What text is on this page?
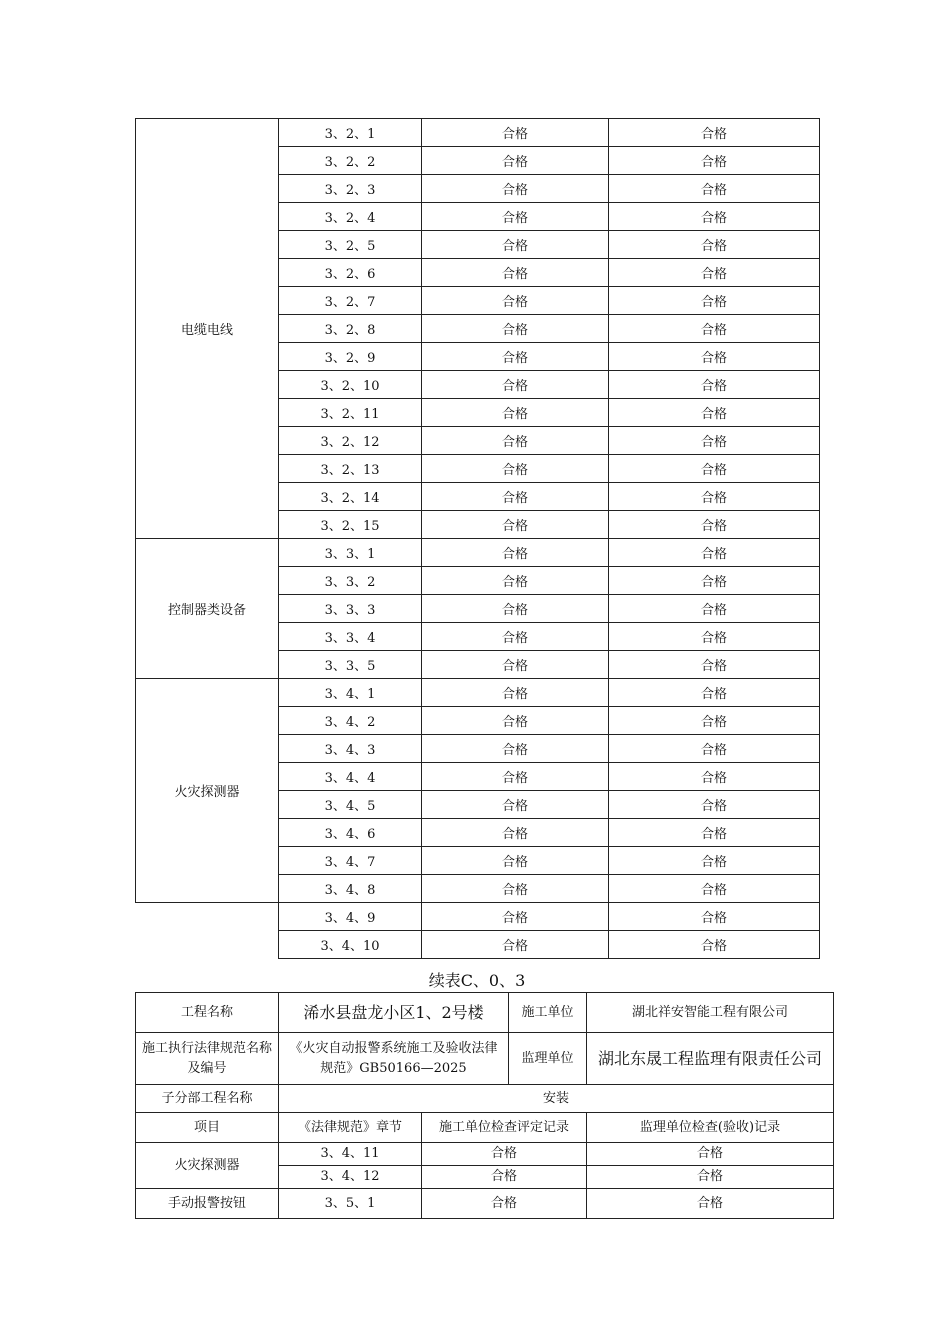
电缆电线	3、2、1	合格	合格
	3、2、2	合格	合格
	3、2、3	合格	合格
	3、2、4	合格	合格
	3、2、5	合格	合格
	3、2、6	合格	合格
	3、2、7	合格	合格
	3、2、8	合格	合格
	3、2、9	合格	合格
	3、2、10	合格	合格
	3、2、11	合格	合格
	3、2、12	合格	合格
	3、2、13	合格	合格
	3、2、14	合格	合格
	3、2、15	合格	合格
控制器类设备	3、3、1	合格	合格
	3、3、2	合格	合格
	3、3、3	合格	合格
	3、3、4	合格	合格
	3、3、5	合格	合格
火灾探测器	3、4、1	合格	合格
	3、4、2	合格	合格
	3、4、3	合格	合格
	3、4、4	合格	合格
	3、4、5	合格	合格
	3、4、6	合格	合格
	3、4、7	合格	合格
	3、4、8	合格	合格
	3、4、9	合格	合格
	3、4、10	合格	合格
续表C、0、3
工程名称	浠水县盘龙小区1、2号楼		施工单位	湖北祥安智能工程有限公司
施工执行法律规范名称及编号	《火灾自动报警系统施工及验收法律规范》GB50166—2025		监理单位	湖北东晟工程监理有限责任公司
子分部工程名称	安装			
项目	《法律规范》章节	施工单位检查评定记录		监理单位检查(验收)记录
火灾探测器	3、4、11	合格		合格
	3、4、12	合格		合格
手动报警按钮	3、5、1	合格		合格
